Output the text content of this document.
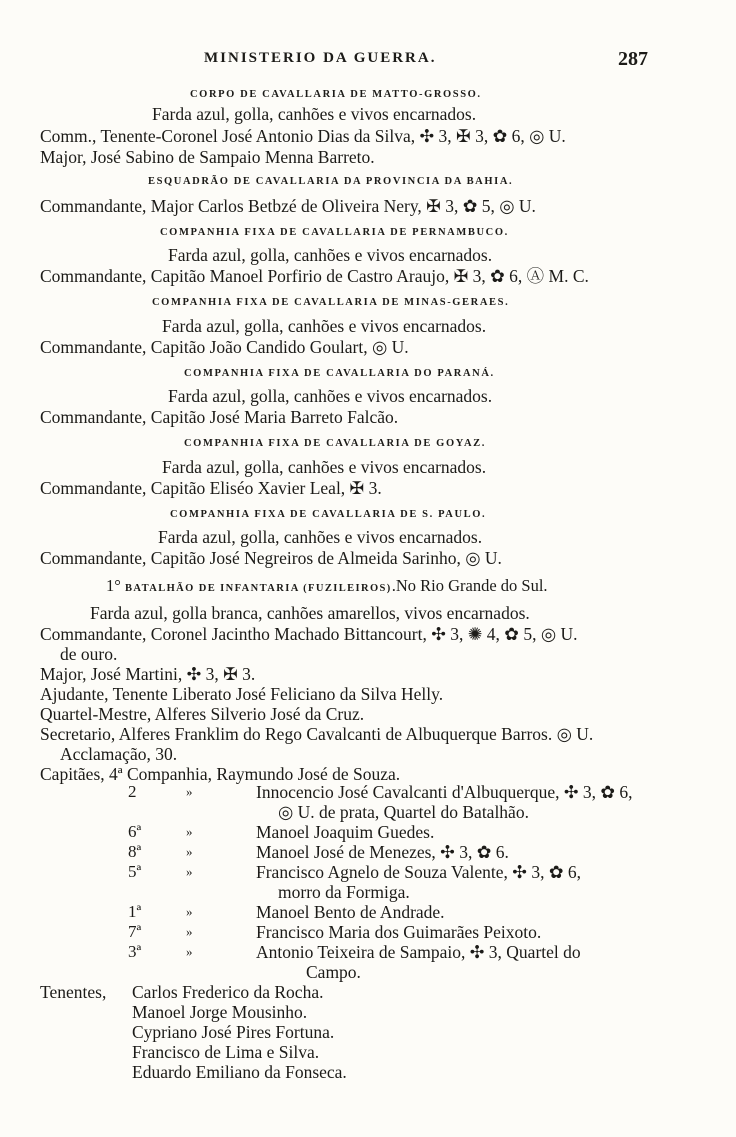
MINISTERIO DA GUERRA.	287
CORPO DE CAVALLARIA DE MATTO-GROSSO.
Farda azul, golla, canhões e vivos encarnados.
Comm., Tenente-Coronel José Antonio Dias da Silva, ✣ 3, ✠ 3, ✿ 6, ◎ U.
Major, José Sabino de Sampaio Menna Barreto.
ESQUADRÃO DE CAVALLARIA DA PROVINCIA DA BAHIA.
Commandante, Major Carlos Betbzé de Oliveira Nery, ✠ 3, ✿ 5, ◎ U.
COMPANHIA FIXA DE CAVALLARIA DE PERNAMBUCO.
Farda azul, golla, canhões e vivos encarnados.
Commandante, Capitão Manoel Porfirio de Castro Araujo, ✠ 3, ✿ 6, Ⓐ M. C.
COMPANHIA FIXA DE CAVALLARIA DE MINAS-GERAES.
Farda azul, golla, canhões e vivos encarnados.
Commandante, Capitão João Candido Goulart, ◎ U.
COMPANHIA FIXA DE CAVALLARIA DO PARANÁ.
Farda azul, golla, canhões e vivos encarnados.
Commandante, Capitão José Maria Barreto Falcão.
COMPANHIA FIXA DE CAVALLARIA DE GOYAZ.
Farda azul, golla, canhões e vivos encarnados.
Commandante, Capitão Eliséo Xavier Leal, ✠ 3.
COMPANHIA FIXA DE CAVALLARIA DE S. PAULO.
Farda azul, golla, canhões e vivos encarnados.
Commandante, Capitão José Negreiros de Almeida Sarinho, ◎ U.
1° BATALHÃO DE INFANTARIA (FUZILEIROS).No Rio Grande do Sul.
Farda azul, golla branca, canhões amarellos, vivos encarnados.
Commandante, Coronel Jacintho Machado Bittancourt, ✣ 3, ✺ 4, ✿ 5, ◎ U.
de ouro.
Major, José Martini, ✣ 3, ✠ 3.
Ajudante, Tenente Liberato José Feliciano da Silva Helly.
Quartel-Mestre, Alferes Silverio José da Cruz.
Secretario, Alferes Franklim do Rego Cavalcanti de Albuquerque Barros. ◎ U.
Acclamação, 30.
Capitães, 4ª Companhia, Raymundo José de Souza.
2	»	Innocencio José Cavalcanti d'Albuquerque, ✣ 3, ✿ 6,
◎ U. de prata, Quartel do Batalhão.
6ª	»	Manoel Joaquim Guedes.
8ª	»	Manoel José de Menezes, ✣ 3, ✿ 6.
5ª	»	Francisco Agnelo de Souza Valente, ✣ 3, ✿ 6,
morro da Formiga.
1ª	»	Manoel Bento de Andrade.
7ª	»	Francisco Maria dos Guimarães Peixoto.
3ª	»	Antonio Teixeira de Sampaio, ✣ 3, Quartel do
Campo.
Tenentes, Carlos Frederico da Rocha.
Manoel Jorge Mousinho.
Cypriano José Pires Fortuna.
Francisco de Lima e Silva.
Eduardo Emiliano da Fonseca.
